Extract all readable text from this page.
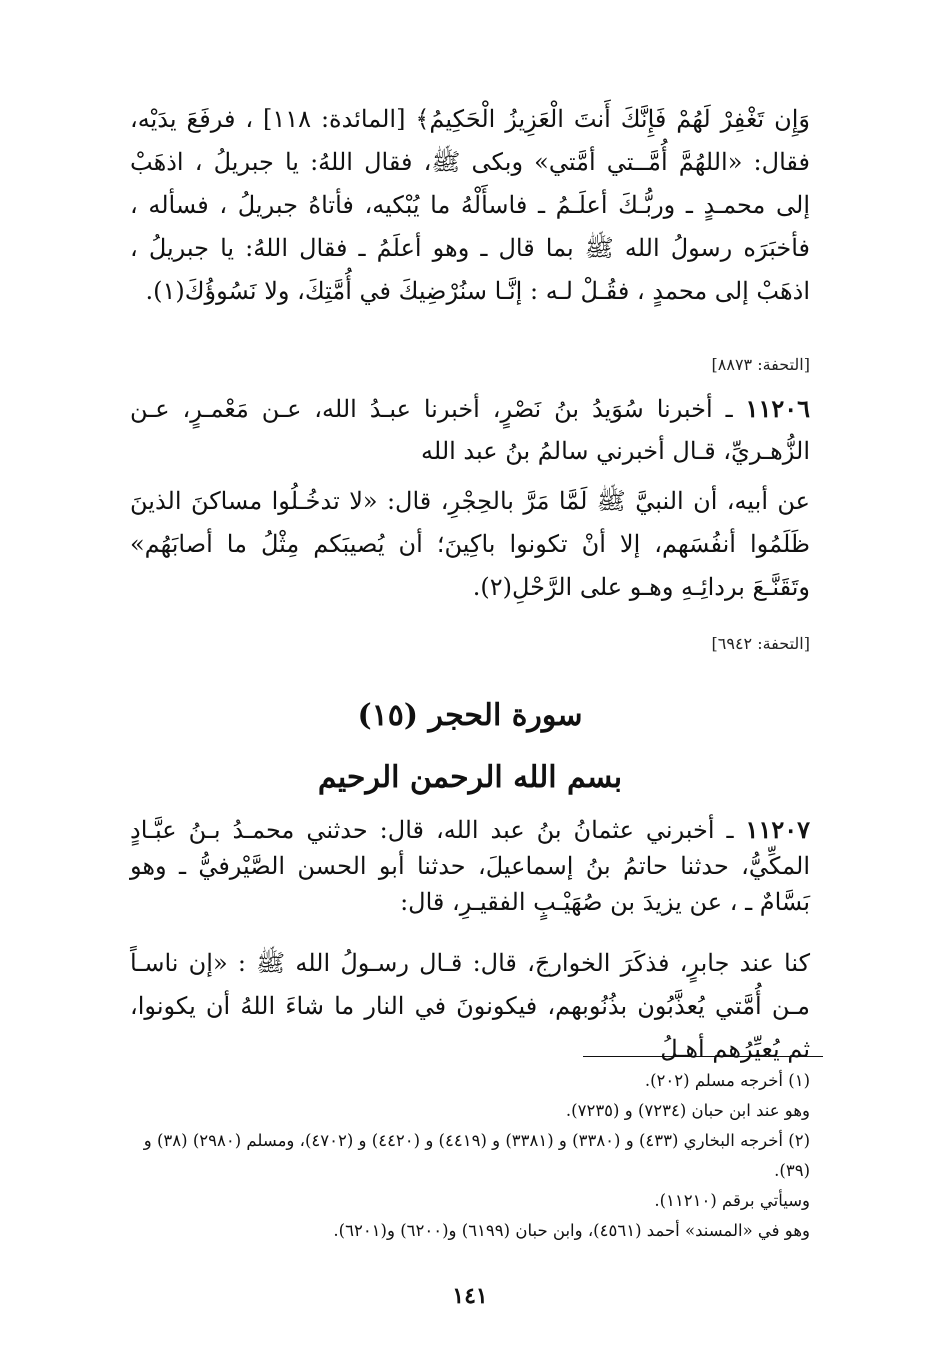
وَإِن تَغْفِرْ لَهُمْ فَإِنَّكَ أَنتَ الْعَزِيزُ الْحَكِيمُ﴾ [المائدة: ١١٨] ، فرفَعَ يدَيْه، فقال: «اللهُمَّ أُمَّــتي أمَّتي» وبكى ﷺ، فقال اللهُ: يا جبريلُ ، اذهَبْ إلى محمـدٍ ـ وربُّـكَ أعلَـمُ ـ فاسأَلْهُ ما يُبْكيه، فأتاهُ جبريلُ ، فسأله ، فأخبَرَه رسولُ الله ﷺ بما قال ـ وهو أعلَمُ ـ فقال اللهُ: يا جبريلُ ، اذهَبْ إلى محمدٍ ، فقُـلْ لـه : إنَّـا سنُرْضِيكَ في أُمَّتِكَ، ولا نَسُوؤُكَ(١).
[التحفة: ٨٨٧٣]
١١٢٠٦ ـ أخبرنا سُوَيدُ بنُ نَصْرٍ، أخبرنا عبـدُ الله، عـن مَعْمـرٍ، عـن الزُّهـريِّ، قـال أخبرني سالمُ بنُ عبد الله
عن أبيه، أن النبيَّ ﷺ لَمَّا مَرَّ بالحِجْرِ، قال: «لا تدخُـلُوا مساكنَ الذينَ ظَلَمُوا أنفُسَهم، إلا أنْ تكونوا باكِينَ؛ أن يُصيبَكم مِثْلُ ما أصابَهُم» وتَقَنَّـعَ بردائِـهِ وهـو على الرَّحْلِ(٢).
[التحفة: ٦٩٤٢]
سورة الحجر (١٥)
بسم الله الرحمن الرحيم
١١٢٠٧ ـ أخبرني عثمانُ بنُ عبد الله، قال: حدثني محمـدُ بـنُ عبَّـادٍ المكِّيُّ، حدثنا حاتمُ بنُ إسماعيلَ، حدثنا أبو الحسن الصَّيْرفيُّ ـ وهو بَسَّامٌ ـ ، عن يزيدَ بن صُهَيْـبٍ الفقيـرِ، قال:
كنا عند جابرٍ، فذكَرَ الخوارجَ، قال: قـال رسـولُ الله ﷺ : «إن ناسـاً مـن أُمَّتي يُعذَّبُون بذُنُوبهم، فيكونونَ في النار ما شاءَ اللهُ أن يكونوا، ثم يُعيِّرُهم أهـلُ
(١) أخرجه مسلم (٢٠٢).
وهو عند ابن حبان (٧٢٣٤) و (٧٢٣٥).
(٢) أخرجه البخاري (٤٣٣) و (٣٣٨٠) و (٣٣٨١) و (٤٤١٩) و (٤٤٢٠) و (٤٧٠٢)، ومسلم (٢٩٨٠) (٣٨) و (٣٩).
وسيأتي برقم (١١٢١٠).
وهو في «المسند» أحمد (٤٥٦١)، وابن حبان (٦١٩٩) و(٦٢٠٠) و(٦٢٠١).
١٤١
